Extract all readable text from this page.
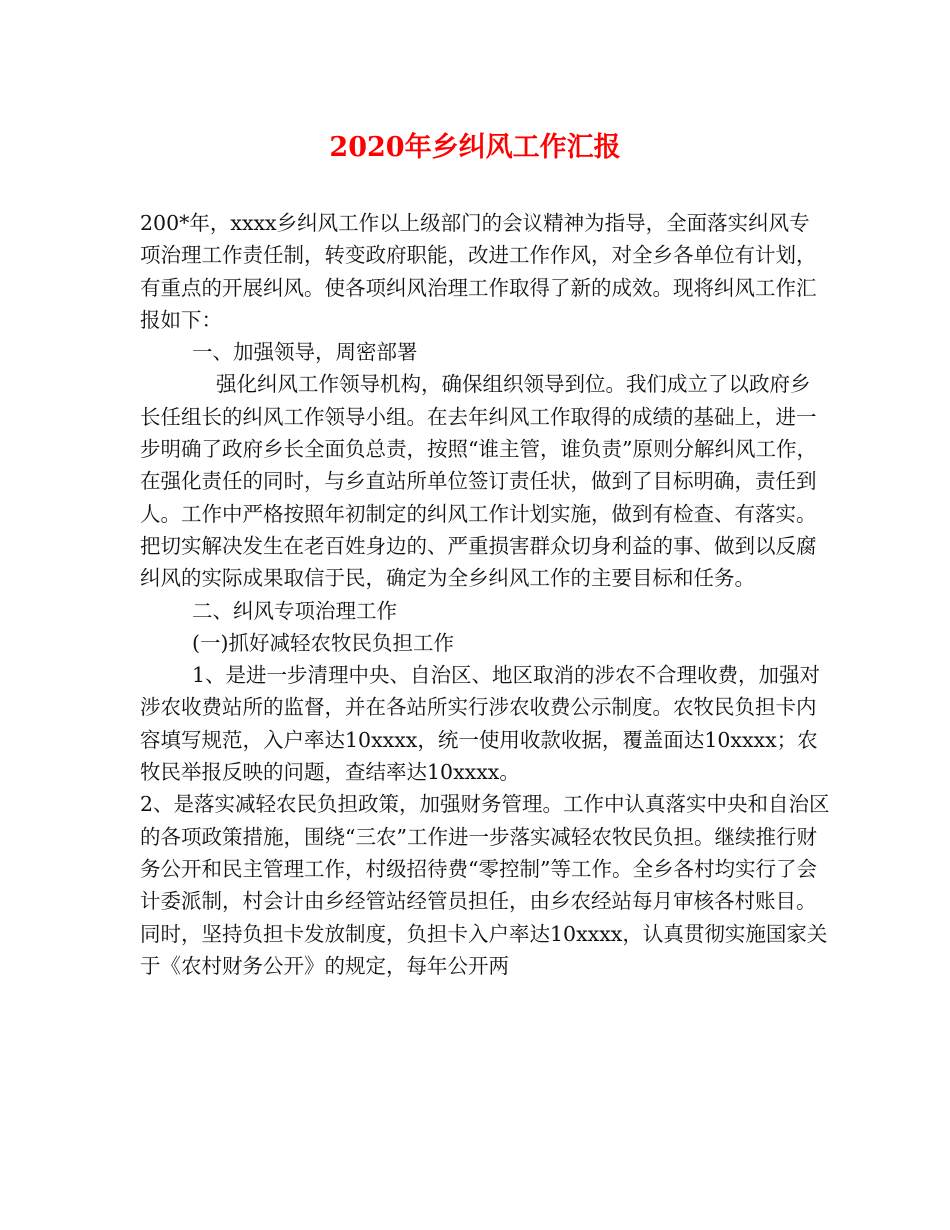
2020年乡纠风工作汇报

200*年，xxxx乡纠风工作以上级部门的会议精神为指导，全面落实纠风专项治理工作责任制，转变政府职能，改进工作作风，对全乡各单位有计划，有重点的开展纠风。使各项纠风治理工作取得了新的成效。现将纠风工作汇报如下：

一、加强领导，周密部署

强化纠风工作领导机构，确保组织领导到位。我们成立了以政府乡长任组长的纠风工作领导小组。在去年纠风工作取得的成绩的基础上，进一步明确了政府乡长全面负总责，按照“谁主管，谁负责”原则分解纠风工作，在强化责任的同时，与乡直站所单位签订责任状，做到了目标明确，责任到人。工作中严格按照年初制定的纠风工作计划实施，做到有检查、有落实。把切实解决发生在老百姓身边的、严重损害群众切身利益的事、做到以反腐纠风的实际成果取信于民，确定为全乡纠风工作的主要目标和任务。

二、纠风专项治理工作

(一)抓好减轻农牧民负担工作

1、是进一步清理中央、自治区、地区取消的涉农不合理收费，加强对涉农收费站所的监督，并在各站所实行涉农收费公示制度。农牧民负担卡内容填写规范，入户率达10xxxx，统一使用收款收据，覆盖面达10xxxx；农牧民举报反映的问题，查结率达10xxxx。

2、是落实减轻农民负担政策，加强财务管理。工作中认真落实中央和自治区的各项政策措施，围绕“三农”工作进一步落实减轻农牧民负担。继续推行财务公开和民主管理工作，村级招待费“零控制”等工作。全乡各村均实行了会计委派制，村会计由乡经管站经管员担任，由乡农经站每月审核各村账目。同时，坚持负担卡发放制度，负担卡入户率达10xxxx，认真贯彻实施国家关于《农村财务公开》的规定，每年公开两
